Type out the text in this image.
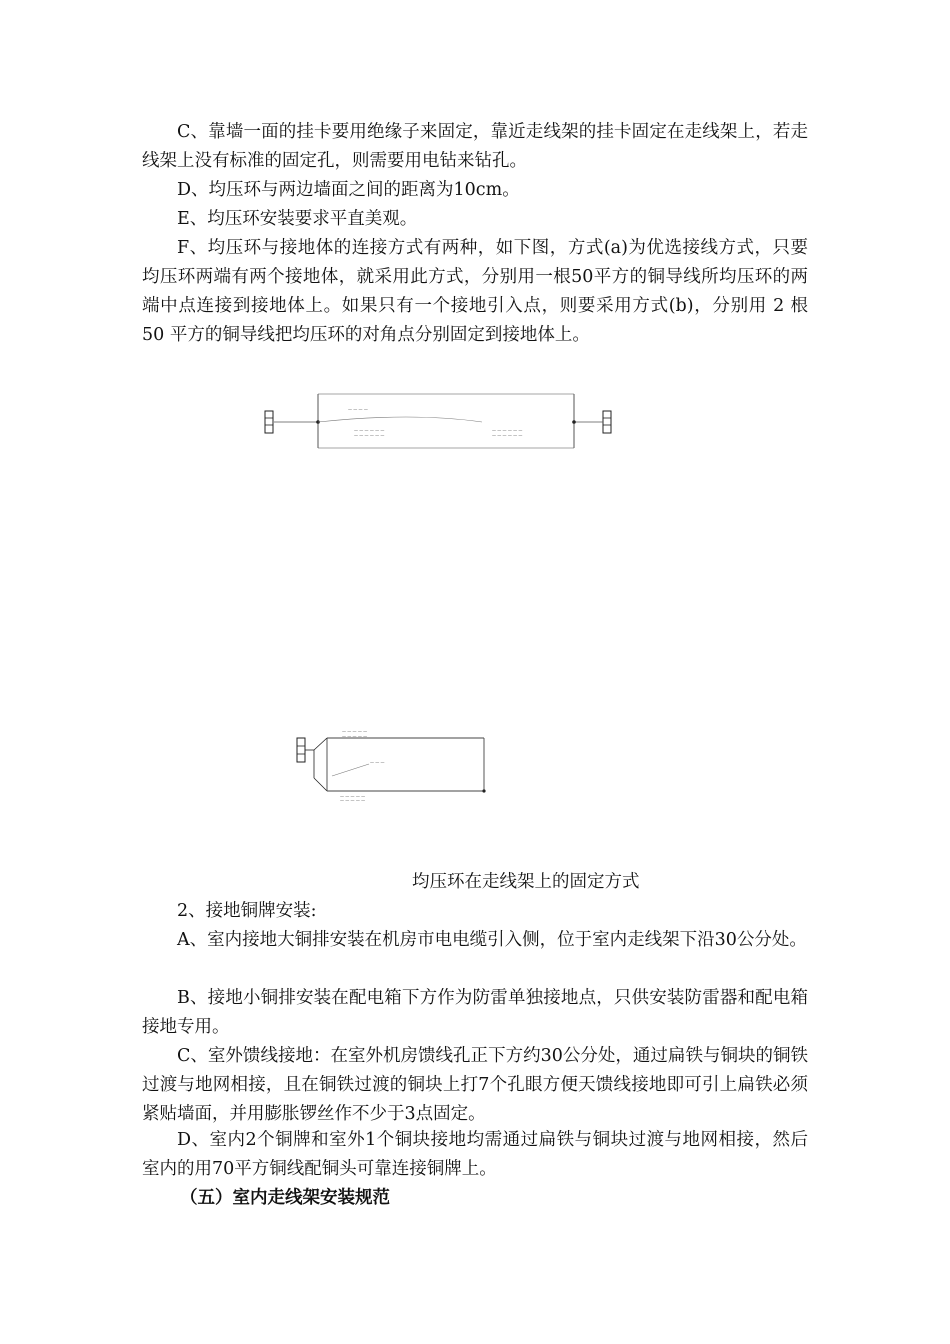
C、靠墙一面的挂卡要用绝缘子来固定，靠近走线架的挂卡固定在走线架上，若走线架上没有标准的固定孔，则需要用电钻来钻孔。

D、均压环与两边墙面之间的距离为10cm。

E、均压环安装要求平直美观。

F、均压环与接地体的连接方式有两种，如下图，方式(a)为优选接线方式，只要均压环两端有两个接地体，就采用此方式，分别用一根50平方的铜导线所均压环的两端中点连接到接地体上。如果只有一个接地引入点，则要采用方式(b)，分别用 2 根 50 平方的铜导线把均压环的对角点分别固定到接地体上。

— — — —
— — — — — —
— — — — — —
— — — — — —
— — — — — —
— — — — —
— — — — —
— — —
— — — — —
— — — — —
均压环在走线架上的固定方式

2、接地铜牌安装:

A、室内接地大铜排安装在机房市电电缆引入侧，位于室内走线架下沿30公分处。

B、接地小铜排安装在配电箱下方作为防雷单独接地点，只供安装防雷器和配电箱接地专用。

C、室外馈线接地：在室外机房馈线孔正下方约30公分处，通过扁铁与铜块的铜铁过渡与地网相接，且在铜铁过渡的铜块上打7个孔眼方便天馈线接地即可引上扁铁必须紧贴墙面，并用膨胀锣丝作不少于3点固定。

D、室内2个铜牌和室外1个铜块接地均需通过扁铁与铜块过渡与地网相接，然后室内的用70平方铜线配铜头可靠连接铜牌上。

（五）室内走线架安装规范
